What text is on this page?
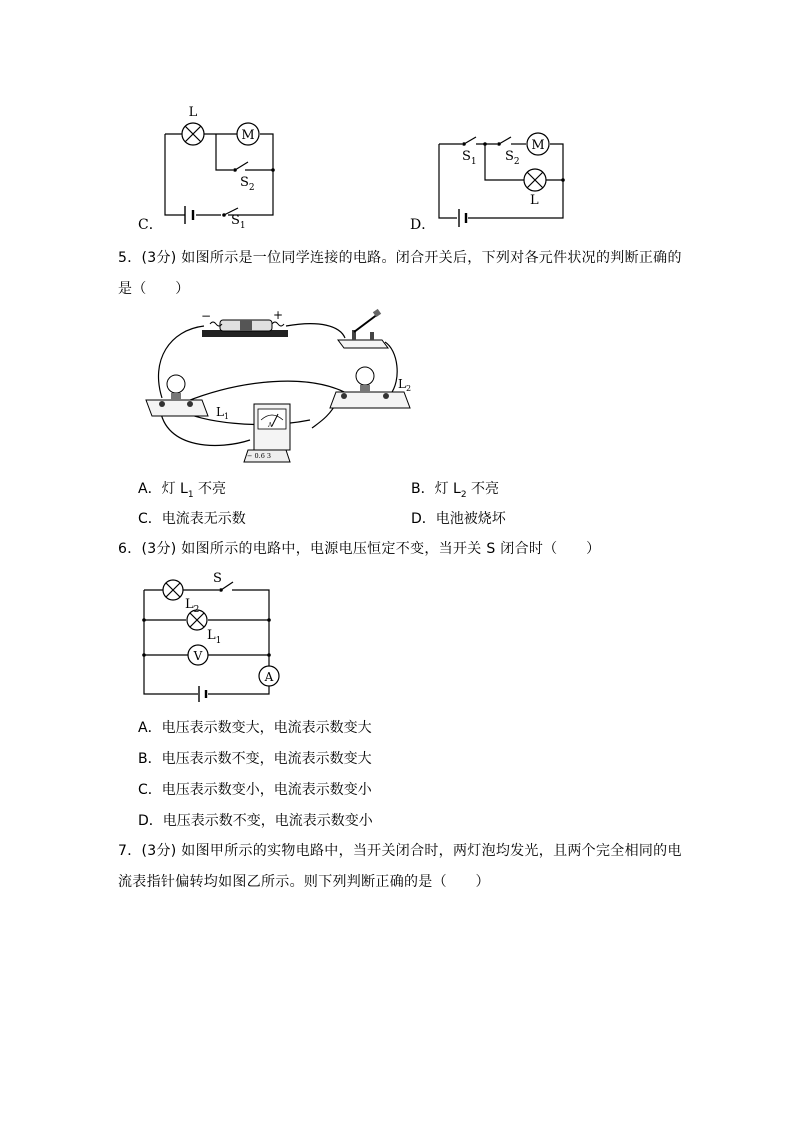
M
L
$S_2$
$S_1$
C．
M
$S_1$ $S_2$
L
D．
5．(3分) 如图所示是一位同学连接的电路。闭合开关后，下列对各元件状况的判断正确的
是（　　）
−	+
$L_1$
$L_2$
A
− 0.6 3
A．灯 $L_1$ 不亮	B．灯 $L_2$ 不亮
C．电流表无示数	D．电池被烧坏
6．(3分) 如图所示的电路中，电源电压恒定不变，当开关 S 闭合时（　　）
V
A
S
$L_2$
$L_1$
A．电压表示数变大，电流表示数变大
B．电压表示数不变，电流表示数变大
C．电压表示数变小，电流表示数变小
D．电压表示数不变，电流表示数变小
7．(3分) 如图甲所示的实物电路中，当开关闭合时，两灯泡均发光，且两个完全相同的电
流表指针偏转均如图乙所示。则下列判断正确的是（　　）
